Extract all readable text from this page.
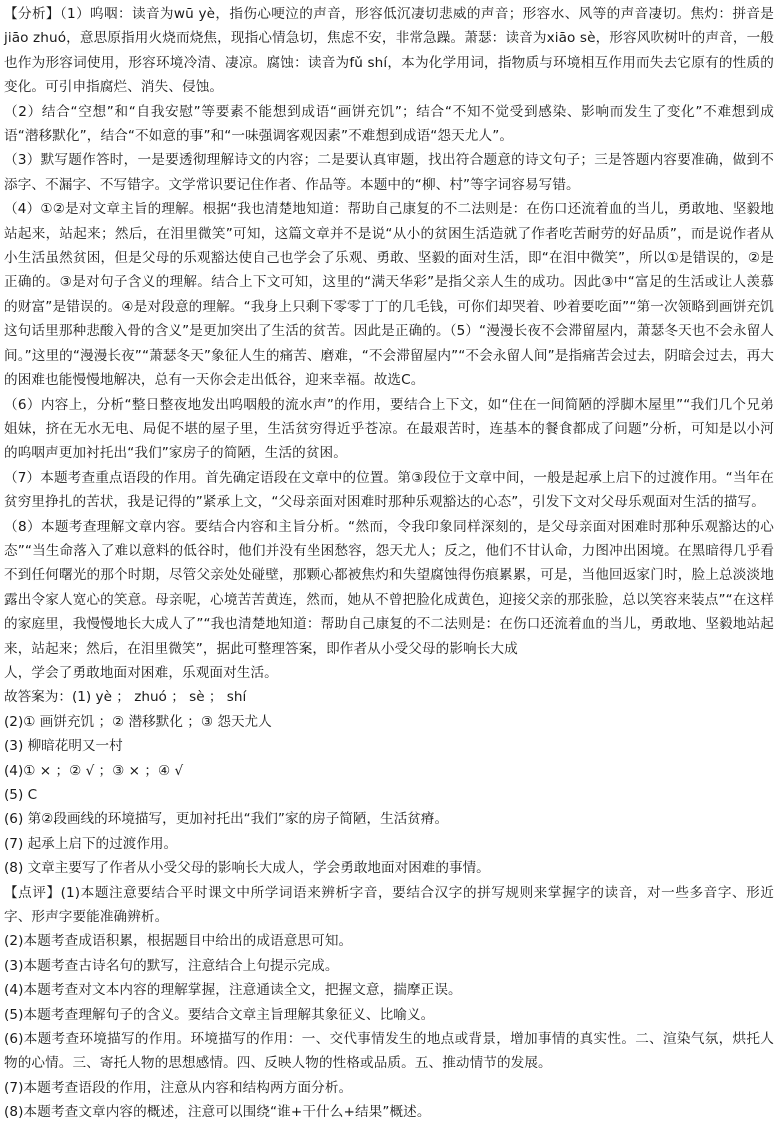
【分析】（1）呜咽：读音为wū yè，指伤心哽泣的声音，形容低沉凄切悲威的声音；形容水、风等的声音凄切。焦灼：拼音是jiāo zhuó，意思原指用火烧而烧焦，现指心情急切，焦虑不安，非常急躁。萧瑟：读音为xiāo sè，形容风吹树叶的声音，一般也作为形容词使用，形容环境冷清、凄凉。腐蚀：读音为fǔ shí，本为化学用词，指物质与环境相互作用而失去它原有的性质的变化。可引申指腐烂、消失、侵蚀。

（2）结合“空想”和“自我安慰”等要素不能想到成语“画饼充饥”；结合“不知不觉受到感染、影响而发生了变化”不难想到成语“潜移默化”，结合“不如意的事”和“一味强调客观因素”不难想到成语“怨天尤人”。

（3）默写题作答时，一是要透彻理解诗文的内容；二是要认真审题，找出符合题意的诗文句子；三是答题内容要准确，做到不添字、不漏字、不写错字。文学常识要记住作者、作品等。本题中的“柳、村”等字词容易写错。

（4）①②是对文章主旨的理解。根据“我也清楚地知道：帮助自己康复的不二法则是：在伤口还流着血的当儿，勇敢地、坚毅地站起来，站起来；然后，在泪里微笑”可知，这篇文章并不是说“从小的贫困生活造就了作者吃苦耐劳的好品质”，而是说作者从小生活虽然贫困，但是父母的乐观豁达使自己也学会了乐观、勇敢、坚毅的面对生活，即“在泪中微笑”，所以①是错误的，②是正确的。③是对句子含义的理解。结合上下文可知，这里的“满天华彩”是指父亲人生的成功。因此③中“富足的生活或让人羡慕的财富”是错误的。④是对段意的理解。“我身上只剩下零零丁丁的几毛钱，可你们却哭着、吵着要吃面”“第一次领略到画饼充饥这句话里那种悲酸入骨的含义”是更加突出了生活的贫苦。因此是正确的。（5）“漫漫长夜不会滞留屋内，萧瑟冬天也不会永留人间。”这里的“漫漫长夜”“萧瑟冬天”象征人生的痛苦、磨难，“不会滞留屋内”“不会永留人间”是指痛苦会过去，阴暗会过去，再大的困难也能慢慢地解决，总有一天你会走出低谷，迎来幸福。故选C。

（6）内容上，分析“整日整夜地发出呜咽般的流水声”的作用，要结合上下文，如“住在一间简陋的浮脚木屋里”“我们几个兄弟姐妹，挤在无水无电、局促不堪的屋子里，生活贫穷得近乎苍凉。在最艰苦时，连基本的餐食都成了问题”分析，可知是以小河的呜咽声更加衬托出“我们”家房子的简陋，生活的贫困。

（7）本题考查重点语段的作用。首先确定语段在文章中的位置。第③段位于文章中间，一般是起承上启下的过渡作用。“当年在贫穷里挣扎的苦状，我是记得的”紧承上文，“父母亲面对困难时那种乐观豁达的心态”，引发下文对父母乐观面对生活的描写。

（8）本题考查理解文章内容。要结合内容和主旨分析。“然而，令我印象同样深刻的，是父母亲面对困难时那种乐观豁达的心态”“当生命落入了难以意料的低谷时，他们并没有坐困愁容，怨天尤人；反之，他们不甘认命，力图冲出困境。在黑暗得几乎看不到任何曙光的那个时期，尽管父亲处处碰壁，那颗心都被焦灼和失望腐蚀得伤痕累累，可是，当他回返家门时，脸上总淡淡地露出令家人宽心的笑意。母亲呢，心境苦苦黄连，然而，她从不曾把脸化成黄色，迎接父亲的那张脸，总以笑容来装点”“在这样的家庭里，我慢慢地长大成人了”“我也清楚地知道：帮助自己康复的不二法则是：在伤口还流着血的当儿，勇敢地、坚毅地站起来，站起来；然后，在泪里微笑”，据此可整理答案，即作者从小受父母的影响长大成

人，学会了勇敢地面对困难，乐观面对生活。

故答案为：(1) yè ； zhuó ； sè ； shí

(2)① 画饼充饥 ；② 潜移默化 ；③ 怨天尤人

(3) 柳暗花明又一村

(4)① × ；② √ ；③ × ；④ √

(5) C

(6) 第②段画线的环境描写，更加衬托出“我们”家的房子简陋，生活贫瘠。

(7) 起承上启下的过渡作用。

(8) 文章主要写了作者从小受父母的影响长大成人，学会勇敢地面对困难的事情。

【点评】(1)本题注意要结合平时课文中所学词语来辨析字音，要结合汉字的拼写规则来掌握字的读音，对一些多音字、形近字、形声字要能准确辨析。

(2)本题考查成语积累，根据题目中给出的成语意思可知。

(3)本题考查古诗名句的默写，注意结合上句提示完成。

(4)本题考查对文本内容的理解掌握，注意通读全文，把握文意，揣摩正误。

(5)本题考查理解句子的含义。要结合文章主旨理解其象征义、比喻义。

(6)本题考查环境描写的作用。环境描写的作用：一、交代事情发生的地点或背景，增加事情的真实性。二、渲染气氛，烘托人物的心情。三、寄托人物的思想感情。四、反映人物的性格或品质。五、推动情节的发展。

(7)本题考查语段的作用，注意从内容和结构两方面分析。

(8)本题考查文章内容的概述，注意可以围绕“谁+干什么+结果”概述。
